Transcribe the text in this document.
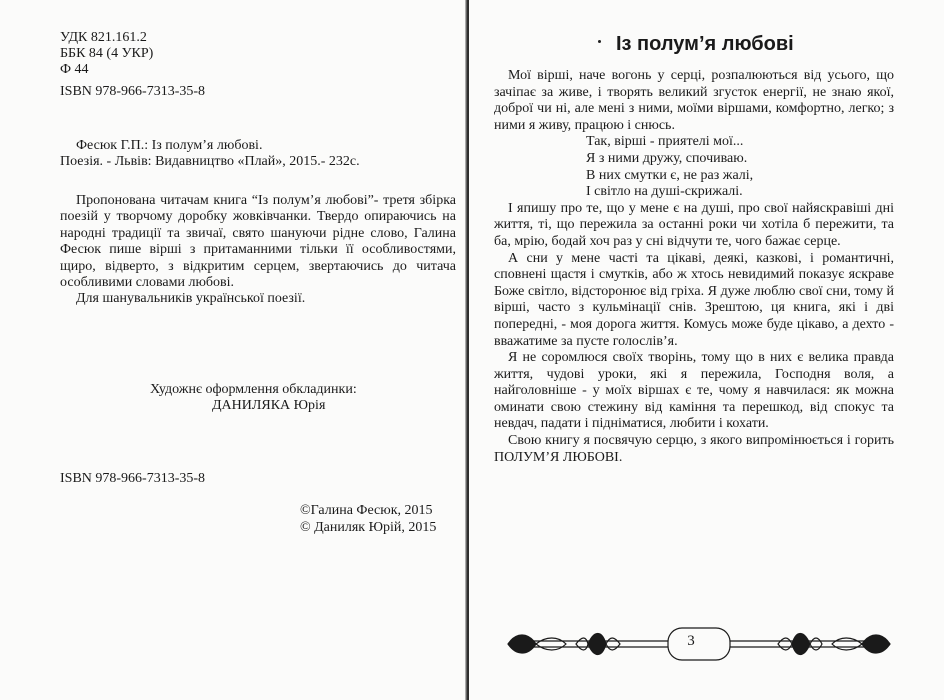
УДК 821.161.2
ББК 84 (4 УКР)
Ф 44
ISBN 978-966-7313-35-8
Фесюк Г.П.: Із полум’я любові.
Поезія. - Львів: Видавництво «Плай», 2015.- 232с.

Пропонована читачам книга “Із полум’я любові”- третя збірка поезій у творчому доробку жовківчанки. Твердо опираючись на народні традиції та звичаї, свято шануючи рідне слово, Галина Фесюк пише вірші з притаманними тільки її особливостями, щиро, відверто, з відкритим серцем, звертаючись до читача особливими словами любові.

Для шанувальників української поезії.

Художнє оформлення обкладинки:
ДАНИЛЯКА Юрія
ISBN 978-966-7313-35-8
©Галина Фесюк, 2015
© Даниляк Юрій, 2015
Із полум’я любові

Мої вірші, наче вогонь у серці, розпалюються від усього, що зачіпає за живе, і творять великий згусток енергії, не знаю якої, доброї чи ні, але мені з ними, моїми віршами, комфортно, легко; з ними я живу, працюю і снюсь.

Так, вірші - приятелі мої...
Я з ними дружу, спочиваю.
В них смутки є, не раз жалі,
І світло на душі-скрижалі.

І япишу про те, що у мене є на душі, про свої найяскравіші дні життя, ті, що пережила за останні роки чи хотіла б пережити, та ба, мрію, бодай хоч раз у сні відчути те, чого бажає серце.

А сни у мене часті та цікаві, деякі, казкові, і романтичні, сповнені щастя і смутків, або ж хтось невидимий показує яскраве Боже світло, відсторонює від гріха. Я дуже люблю свої сни, тому й вірші, часто з кульмінації снів. Зрештою, ця книга, які і дві попередні, - моя дорога життя. Комусь може буде цікаво, а дехто - вважатиме за пусте голослів’я.

Я не соромлюся своїх творінь, тому що в них є велика правда життя, чудові уроки, які я пережила, Господня воля, а найголовніше - у моїх віршах є те, чому я навчилася: як можна оминати свою стежину від каміння та перешкод, від спокус та невдач, падати і підніматися, любити і кохати.

Свою книгу я посвячую серцю, з якого випромінюється і горить ПОЛУМ’Я ЛЮБОВІ.

3
